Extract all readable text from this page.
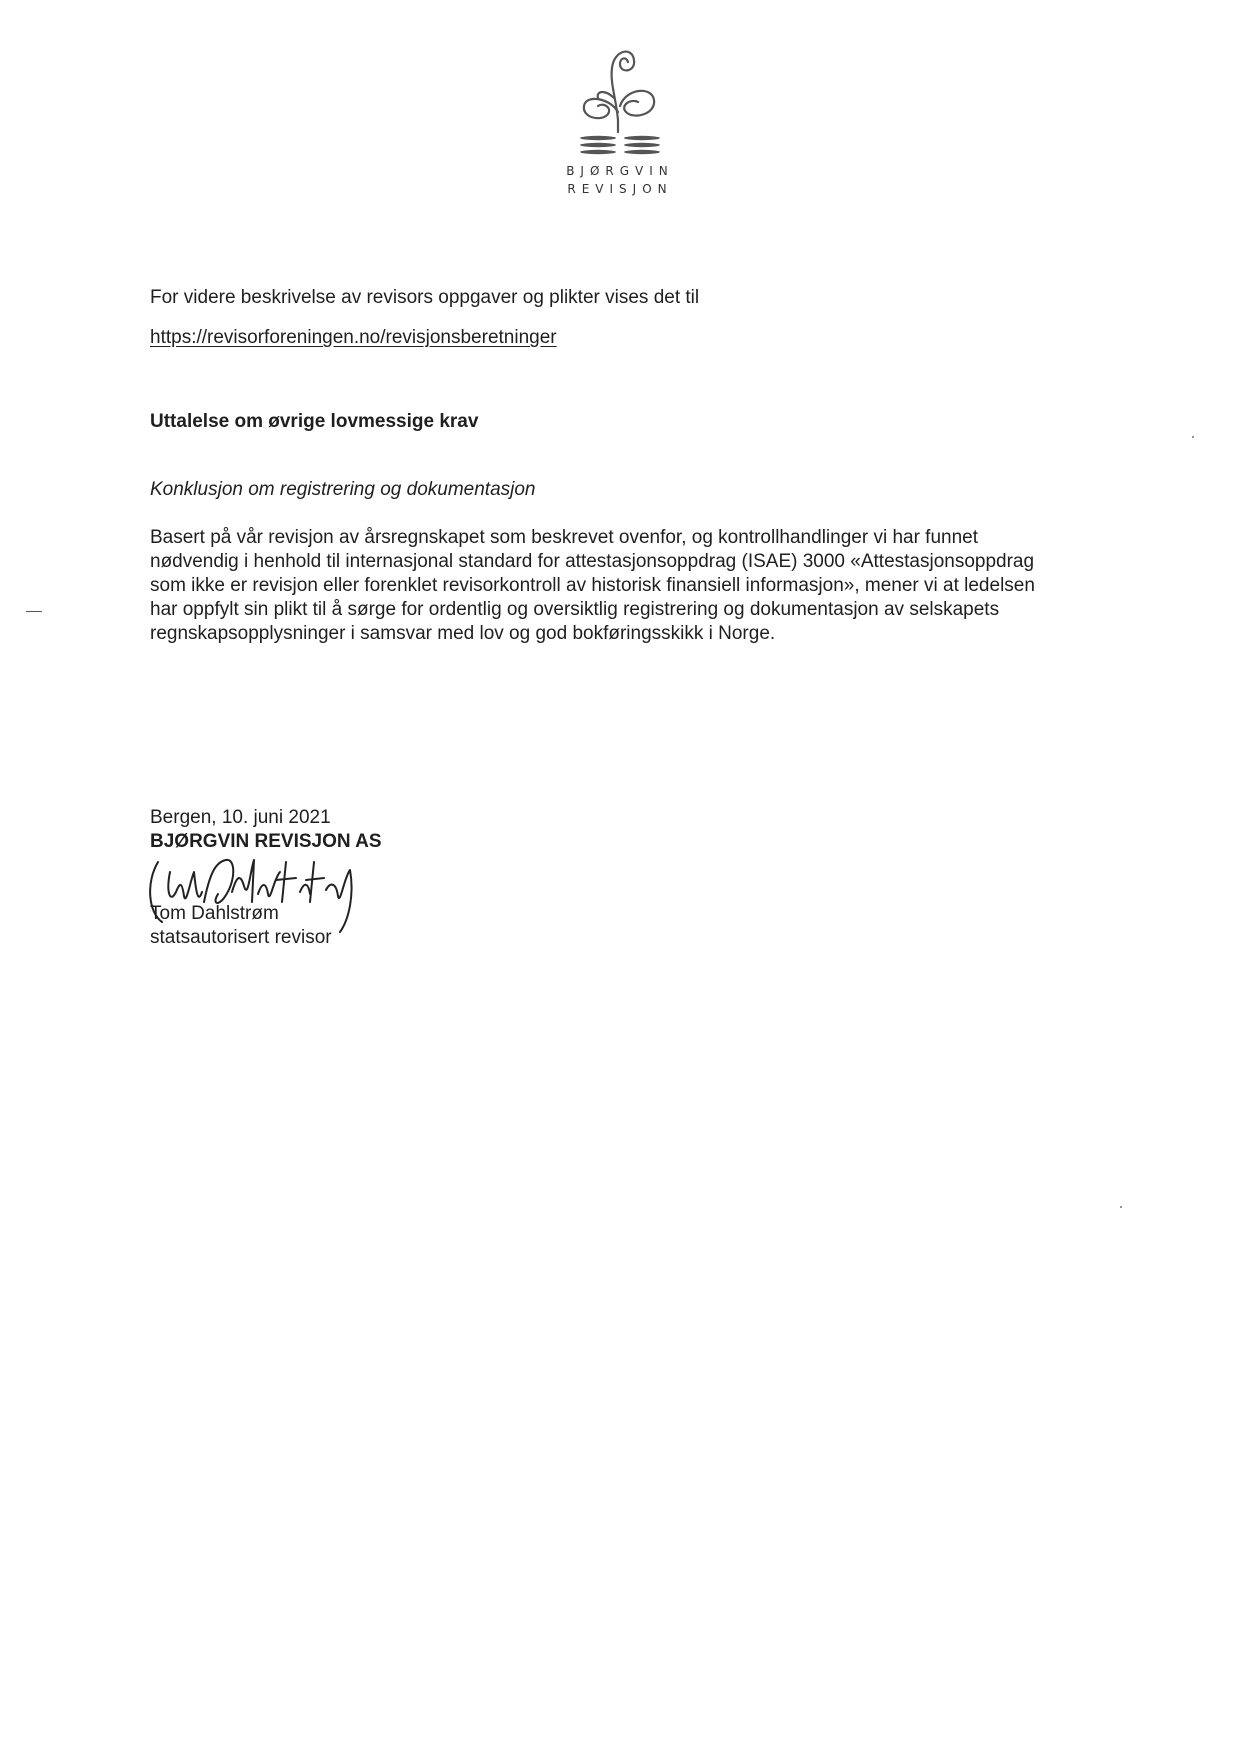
BJØRGVIN
REVISJON
For videre beskrivelse av revisors oppgaver og plikter vises det til
https://revisorforeningen.no/revisjonsberetninger
Uttalelse om øvrige lovmessige krav
Konklusjon om registrering og dokumentasjon
Basert på vår revisjon av årsregnskapet som beskrevet ovenfor, og kontrollhandlinger vi har funnet
nødvendig i henhold til internasjonal standard for attestasjonsoppdrag (ISAE) 3000 «Attestasjonsoppdrag
som ikke er revisjon eller forenklet revisorkontroll av historisk finansiell informasjon», mener vi at ledelsen
har oppfylt sin plikt til å sørge for ordentlig og oversiktlig registrering og dokumentasjon av selskapets
regnskapsopplysninger i samsvar med lov og god bokføringsskikk i Norge.
Bergen, 10. juni 2021
BJØRGVIN REVISJON AS
Tom Dahlstrøm
statsautorisert revisor
